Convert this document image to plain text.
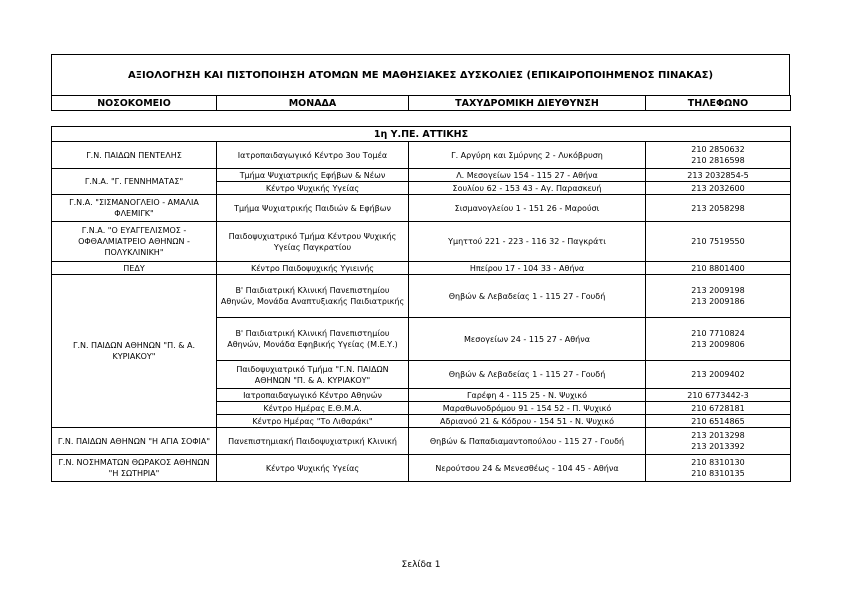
ΑΞΙΟΛΟΓΗΣΗ ΚΑΙ ΠΙΣΤΟΠΟΙΗΣΗ ΑΤΟΜΩΝ ΜΕ ΜΑΘΗΣΙΑΚΕΣ ΔΥΣΚΟΛΙΕΣ (ΕΠΙΚΑΙΡΟΠΟΙΗΜΕΝΟΣ ΠΙΝΑΚΑΣ)
ΝΟΣΟΚΟΜΕΙΟ	ΜΟΝΑΔΑ	ΤΑΧΥΔΡΟΜΙΚΗ ΔΙΕΥΘΥΝΣΗ	ΤΗΛΕΦΩΝΟ
1η Υ.ΠΕ. ΑΤΤΙΚΗΣ			
Γ.Ν. ΠΑΙΔΩΝ ΠΕΝΤΕΛΗΣ	Ιατροπαιδαγωγικό Κέντρο 3ου Τομέα	Γ. Αργύρη και Σμύρνης 2 - Λυκόβρυση	210 2850632
210 2816598

Γ.Ν.Α. "Γ. ΓΕΝΝΗΜΑΤΑΣ"	Τμήμα Ψυχιατρικής Εφήβων & Νέων	Λ. Μεσογείων 154 - 115 27 - Αθήνα	213 2032854-5
	Κέντρο Ψυχικής Υγείας	Σουλίου 62 - 153 43 - Αγ. Παρασκευή	213 2032600
Γ.Ν.Α. "ΣΙΣΜΑΝΟΓΛΕΙΟ - ΑΜΑΛΙΑ ΦΛΕΜΙΓΚ"	Τμήμα Ψυχιατρικής Παιδιών & Εφήβων	Σισμανογλείου 1 - 151 26 - Μαρούσι	213 2058298
Γ.Ν.Α. "Ο ΕΥΑΓΓΕΛΙΣΜΟΣ - ΟΦΘΑΛΜΙΑΤΡΕΙΟ ΑΘΗΝΩΝ - ΠΟΛΥΚΛΙΝΙΚΗ"	Παιδοψυχιατρικό Τμήμα Κέντρου Ψυχικής Υγείας Παγκρατίου	Υμηττού 221 - 223 - 116 32 - Παγκράτι	210 7519550
ΠΕΔΥ	Κέντρο Παιδοψυχικής Υγιεινής	Ηπείρου 17 - 104 33 - Αθήνα	210 8801400
Γ.Ν. ΠΑΙΔΩΝ ΑΘΗΝΩΝ "Π. & Α. ΚΥΡΙΑΚΟΥ"	Β' Παιδιατρική Κλινική Πανεπιστημίου Αθηνών, Μονάδα Αναπτυξιακής Παιδιατρικής	Θηβών & Λεβαδείας 1 - 115 27 - Γουδή	213 2009198
213 2009186

	Β' Παιδιατρική Κλινική Πανεπιστημίου Αθηνών, Μονάδα Εφηβικής Υγείας (Μ.Ε.Υ.)	Μεσογείων 24 - 115 27 - Αθήνα	210 7710824
213 2009806

	Παιδοψυχιατρικό Τμήμα "Γ.Ν. ΠΑΙΔΩΝ ΑΘΗΝΩΝ "Π. & Α. ΚΥΡΙΑΚΟΥ"	Θηβών & Λεβαδείας 1 - 115 27 - Γουδή	213 2009402
	Ιατροπαιδαγωγικό Κέντρο Αθηνών	Γαρέφη 4 - 115 25 - Ν. Ψυχικό	210 6773442-3
	Κέντρο Ημέρας Ε.Θ.Μ.Α.	Μαραθωνοδρόμου 91 - 154 52 - Π. Ψυχικό	210 6728181
	Κέντρο Ημέρας "Το Λιθαράκι"	Αδριανού 21 & Κόδρου - 154 51 - Ν. Ψυχικό	210 6514865
Γ.Ν. ΠΑΙΔΩΝ ΑΘΗΝΩΝ "Η ΑΓΙΑ ΣΟΦΙΑ"	Πανεπιστημιακή Παιδοψυχιατρική Κλινική	Θηβών & Παπαδιαμαντοπούλου - 115 27 - Γουδή	213 2013298
213 2013392

Γ.Ν. ΝΟΣΗΜΑΤΩΝ ΘΩΡΑΚΟΣ ΑΘΗΝΩΝ "Η ΣΩΤΗΡΙΑ"	Κέντρο Ψυχικής Υγείας	Νερούτσου 24 & Μενεσθέως - 104 45 - Αθήνα	210 8310130
210 8310135
Σελίδα 1
